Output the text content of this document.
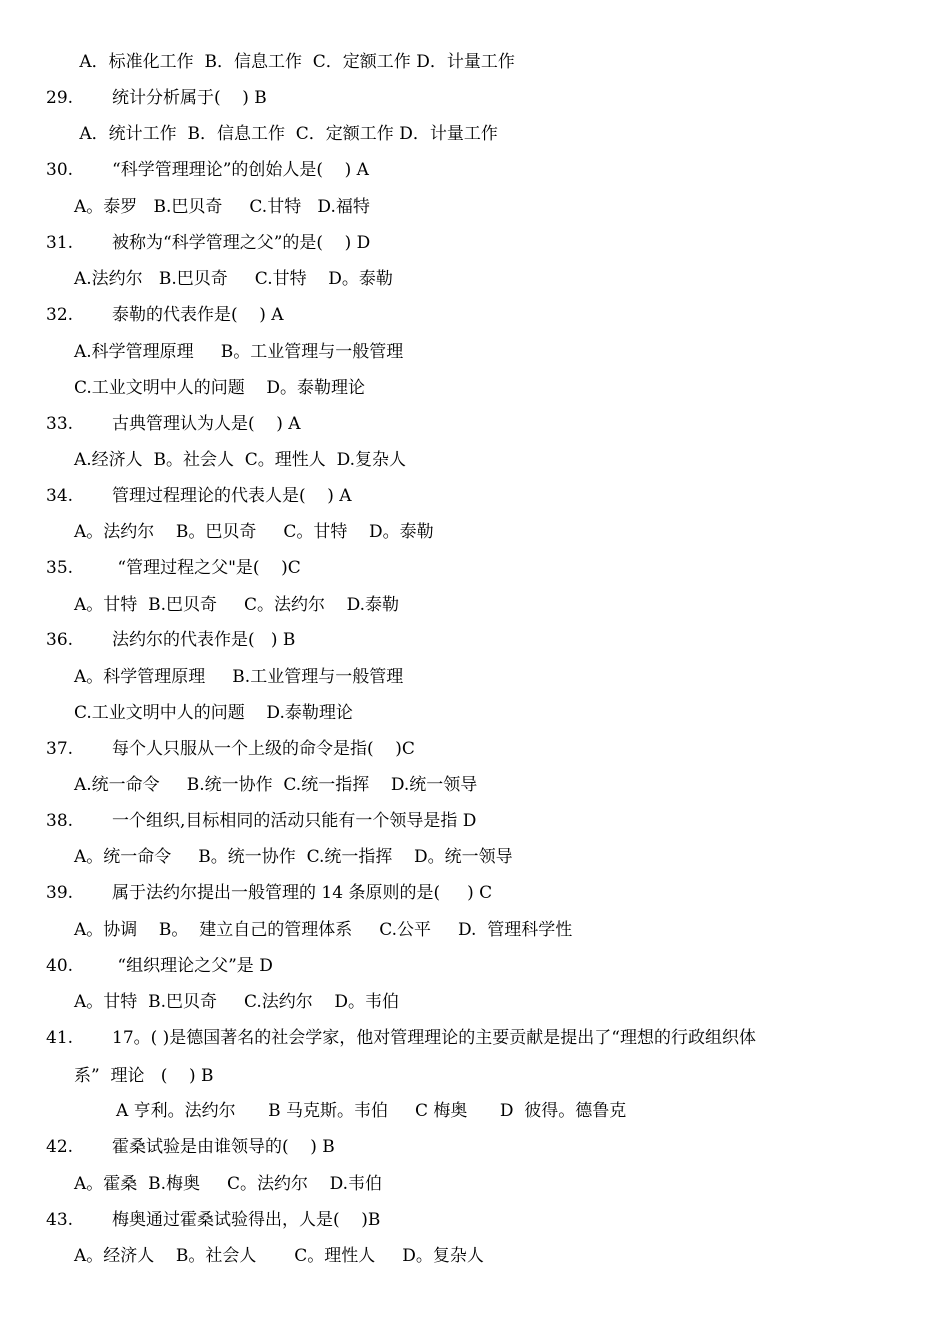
A．标准化工作  B．信息工作  C．定额工作 D．计量工作
29. 统计分析属于(    ) B
A．统计工作  B．信息工作  C．定额工作 D．计量工作
30. “科学管理理论”的创始人是(    ) A
A。泰罗   B.巴贝奇     C.甘特   D.福特
31. 被称为“科学管理之父”的是(    ) D
A.法约尔   B.巴贝奇     C.甘特    D。泰勒
32. 泰勒的代表作是(    ) A
A.科学管理原理     B。工业管理与一般管理
C.工业文明中人的问题    D。泰勒理论
33. 古典管理认为人是(    ) A
A.经济人  B。社会人  C。理性人  D.复杂人
34. 管理过程理论的代表人是(    ) A
A。法约尔    B。巴贝奇     C。甘特    D。泰勒
35. “管理过程之父"是(    )C
A。甘特  B.巴贝奇     C。法约尔    D.泰勒
36. 法约尔的代表作是(   ) B
A。科学管理原理     B.工业管理与一般管理
C.工业文明中人的问题    D.泰勒理论
37. 每个人只服从一个上级的命令是指(    )C
A.统一命令     B.统一协作  C.统一指挥    D.统一领导
38. 一个组织,目标相同的活动只能有一个领导是指 D
A。统一命令     B。统一协作  C.统一指挥    D。统一领导
39. 属于法约尔提出一般管理的 14 条原则的是(     ) C
A。协调    B。  建立自己的管理体系     C.公平     D.  管理科学性
40. “组织理论之父”是 D
A。甘特  B.巴贝奇     C.法约尔    D。韦伯
41. 17。( )是德国著名的社会学家，他对管理理论的主要贡献是提出了“理想的行政组织体
系”  理论   (    ) B
A 亨利。法约尔      B 马克斯。韦伯     C 梅奥      D  彼得。德鲁克
42. 霍桑试验是由谁领导的(    ) B
A。霍桑  B.梅奥     C。法约尔    D.韦伯
43. 梅奥通过霍桑试验得出，人是(    )B
A。经济人    B。社会人       C。理性人     D。复杂人
